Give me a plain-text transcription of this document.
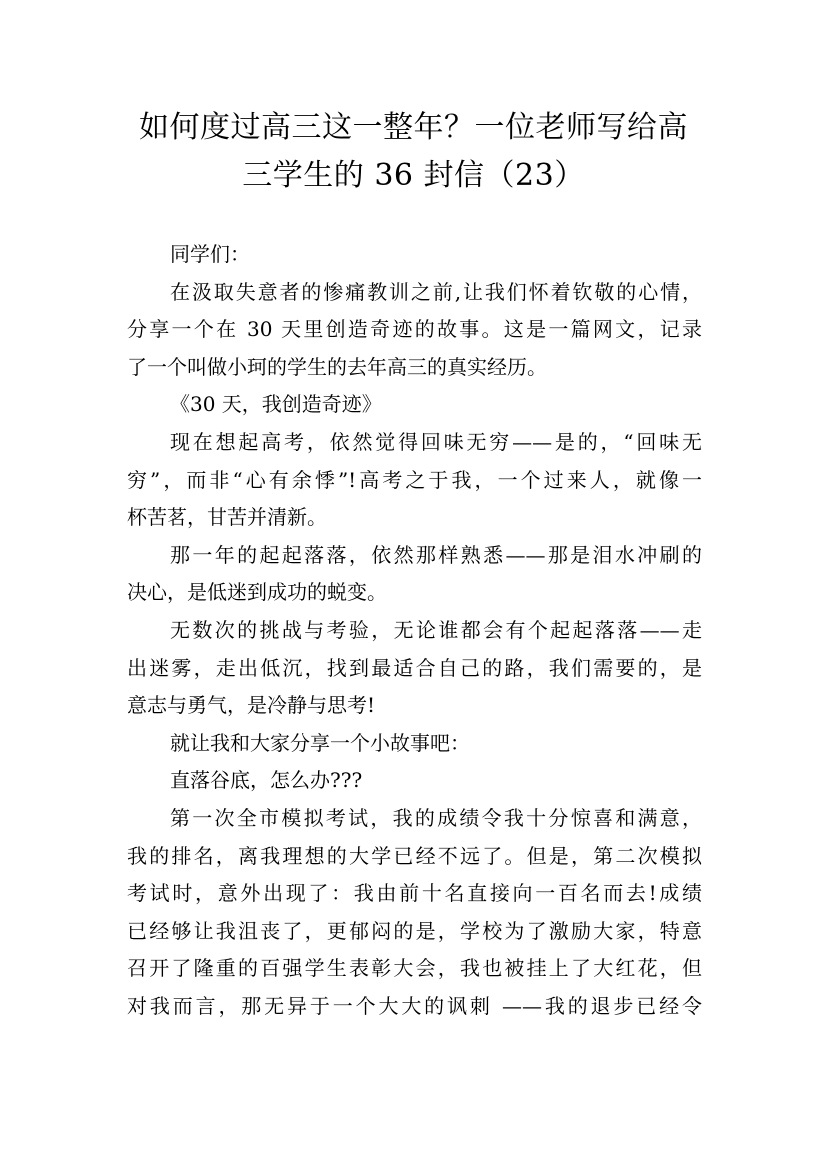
如何度过高三这一整年？一位老师写给高
三学生的 36 封信（23）
同学们：
在汲取失意者的惨痛教训之前,让我们怀着钦敬的心情，
分享一个在 30 天里创造奇迹的故事。这是一篇网文，记录
了一个叫做小珂的学生的去年高三的真实经历。
《30 天，我创造奇迹》
现在想起高考，依然觉得回味无穷——是的，“回味无
穷”，而非“心有余悸”!高考之于我，一个过来人，就像一
杯苦茗，甘苦并清新。
那一年的起起落落，依然那样熟悉——那是泪水冲刷的
决心，是低迷到成功的蜕变。
无数次的挑战与考验，无论谁都会有个起起落落——走
出迷雾，走出低沉，找到最适合自己的路，我们需要的，是
意志与勇气，是冷静与思考!
就让我和大家分享一个小故事吧：
直落谷底，怎么办???
第一次全市模拟考试，我的成绩令我十分惊喜和满意，
我的排名，离我理想的大学已经不远了。但是，第二次模拟
考试时，意外出现了：我由前十名直接向一百名而去!成绩
已经够让我沮丧了，更郁闷的是，学校为了激励大家，特意
召开了隆重的百强学生表彰大会，我也被挂上了大红花，但
对我而言，那无异于一个大大的讽刺 ——我的退步已经令
